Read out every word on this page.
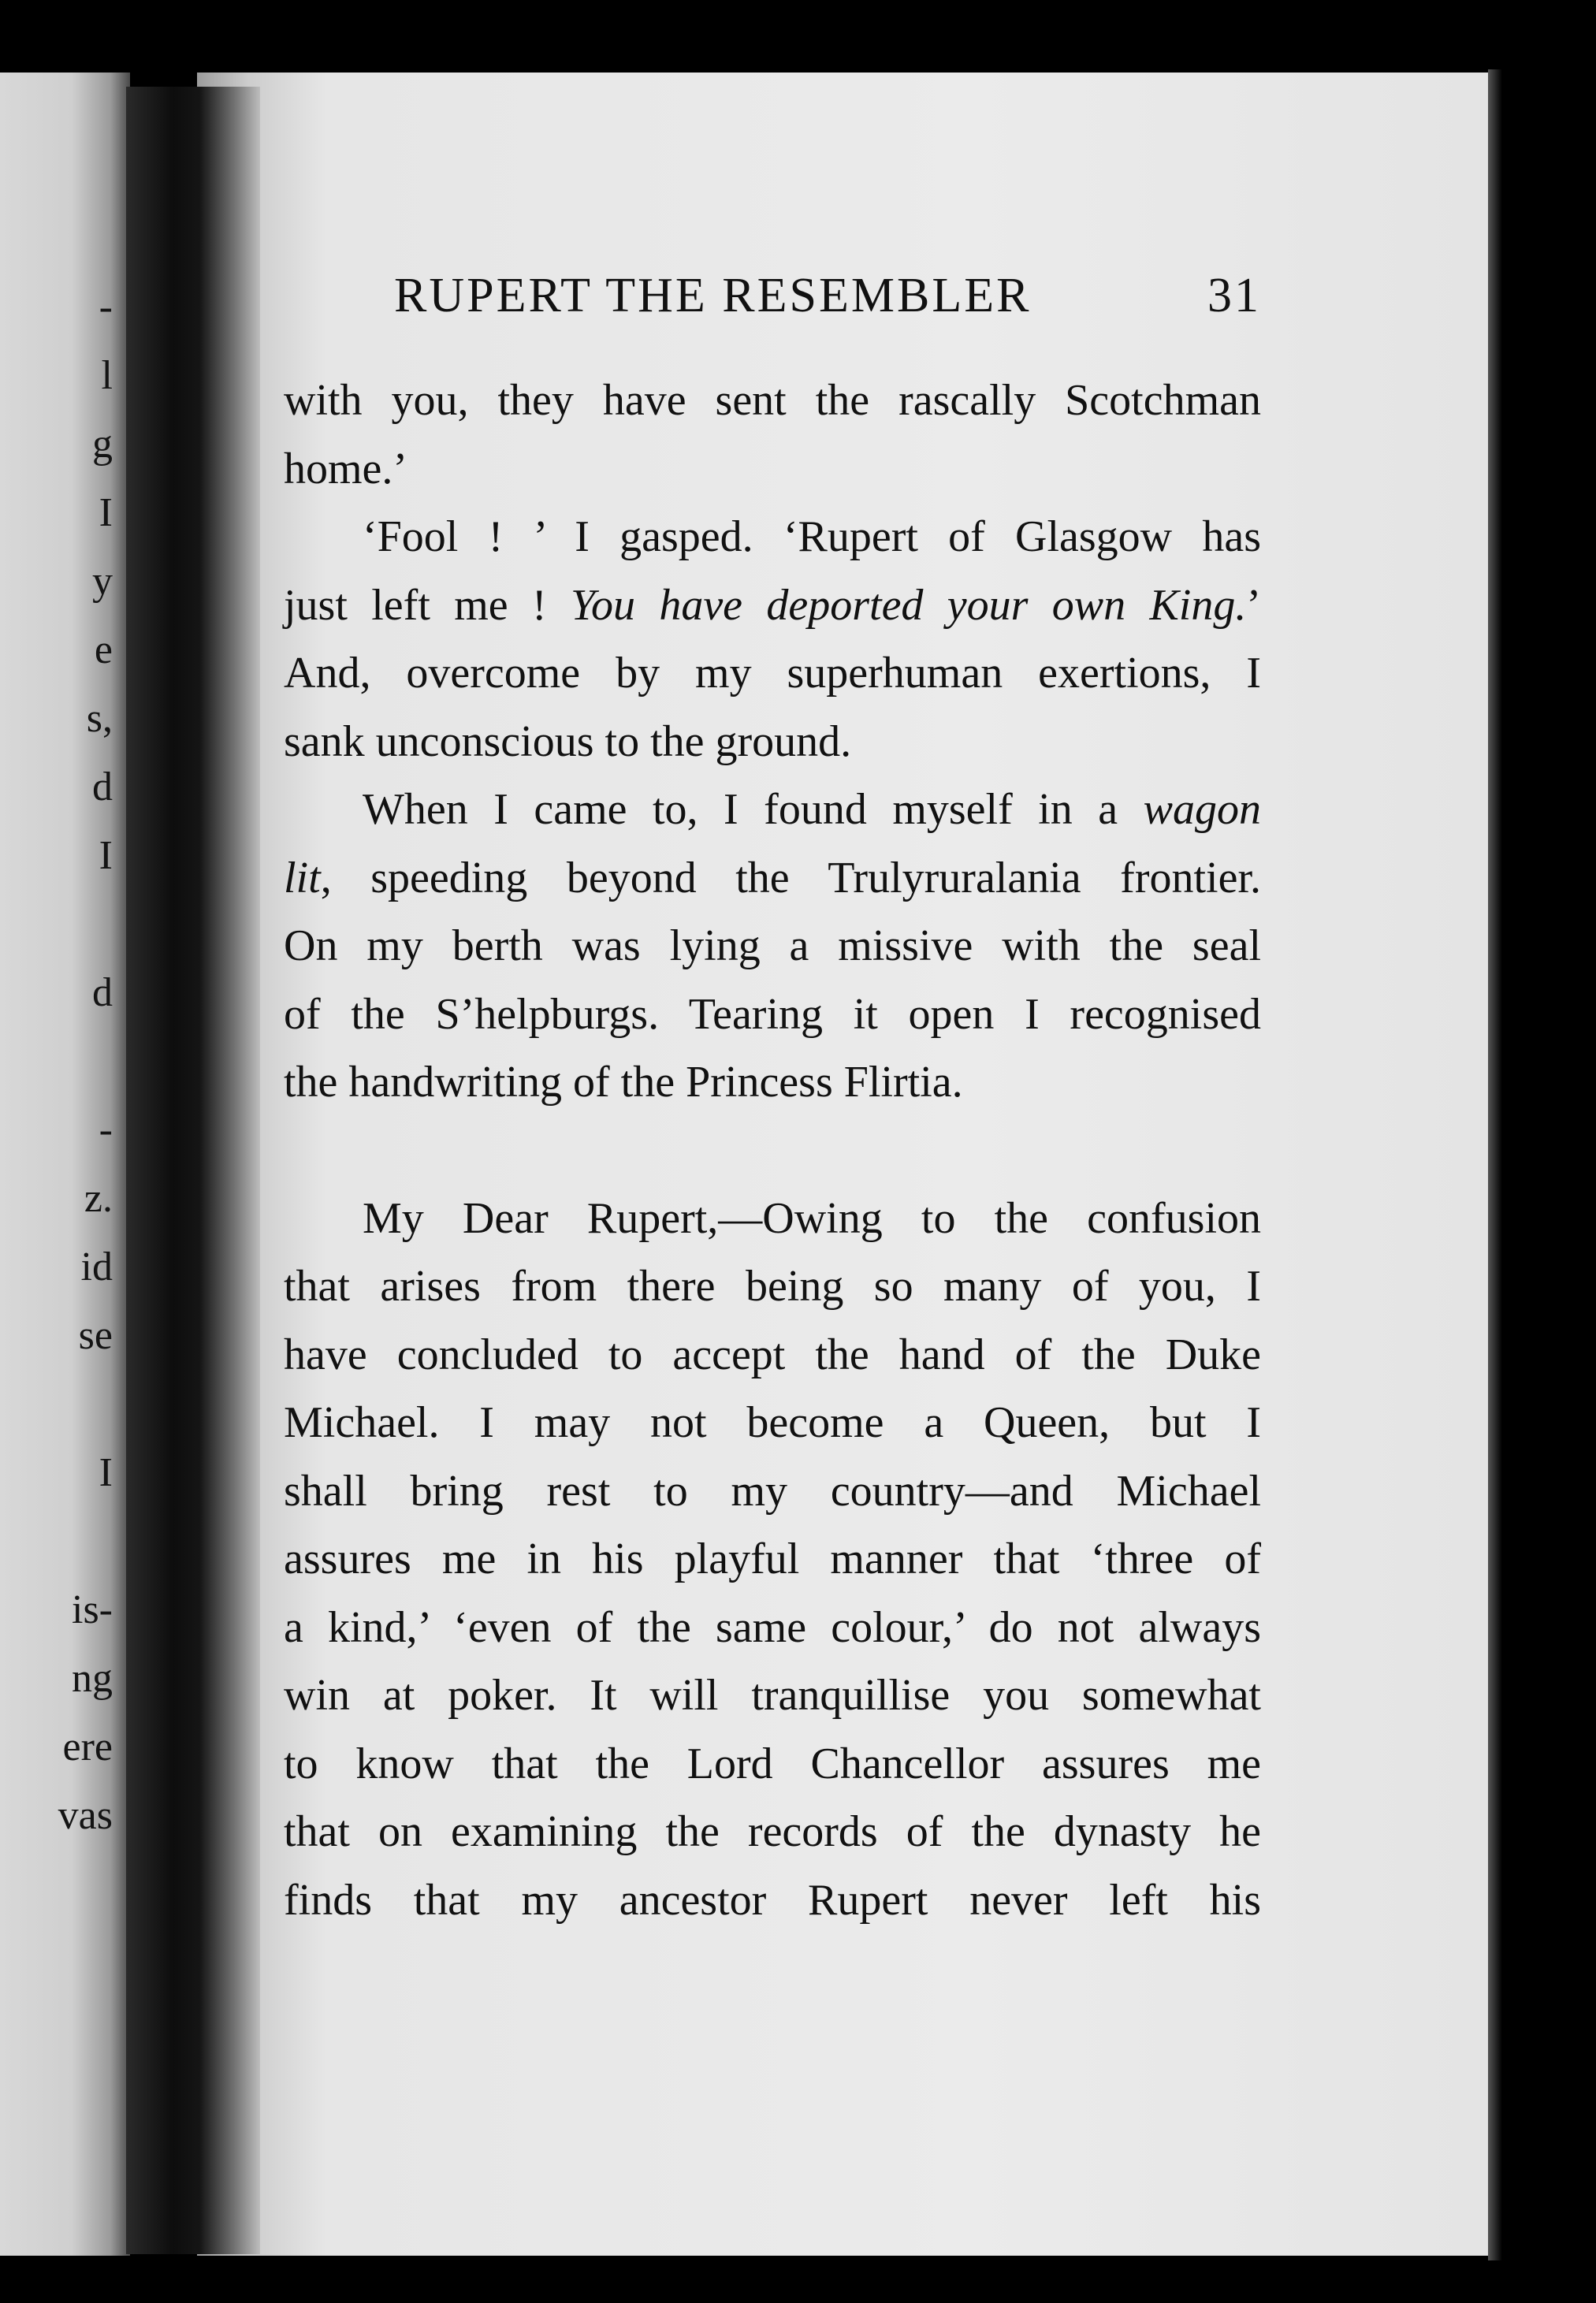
-
l
g
I
y
e
s,
d
I
d
-
z.
id
se
I
is-
ng
ere
vas
RUPERT THE RESEMBLER	31
with you, they have sent the rascally Scotchman
home.’
‘Fool ! ’ I gasped. ‘Rupert of Glasgow has
just left me ! You have deported your own King.’
And, overcome by my superhuman exertions, I
sank unconscious to the ground.
When I came to, I found myself in a wagon
lit, speeding beyond the Trulyruralania frontier.
On my berth was lying a missive with the seal
of the S’helpburgs. Tearing it open I recognised
the handwriting of the Princess Flirtia.
My Dear Rupert,—Owing to the confusion
that arises from there being so many of you, I
have concluded to accept the hand of the Duke
Michael. I may not become a Queen, but I
shall bring rest to my country—and Michael
assures me in his playful manner that ‘three of
a kind,’ ‘even of the same colour,’ do not always
win at poker. It will tranquillise you somewhat
to know that the Lord Chancellor assures me
that on examining the records of the dynasty he
finds that my ancestor Rupert never left his
